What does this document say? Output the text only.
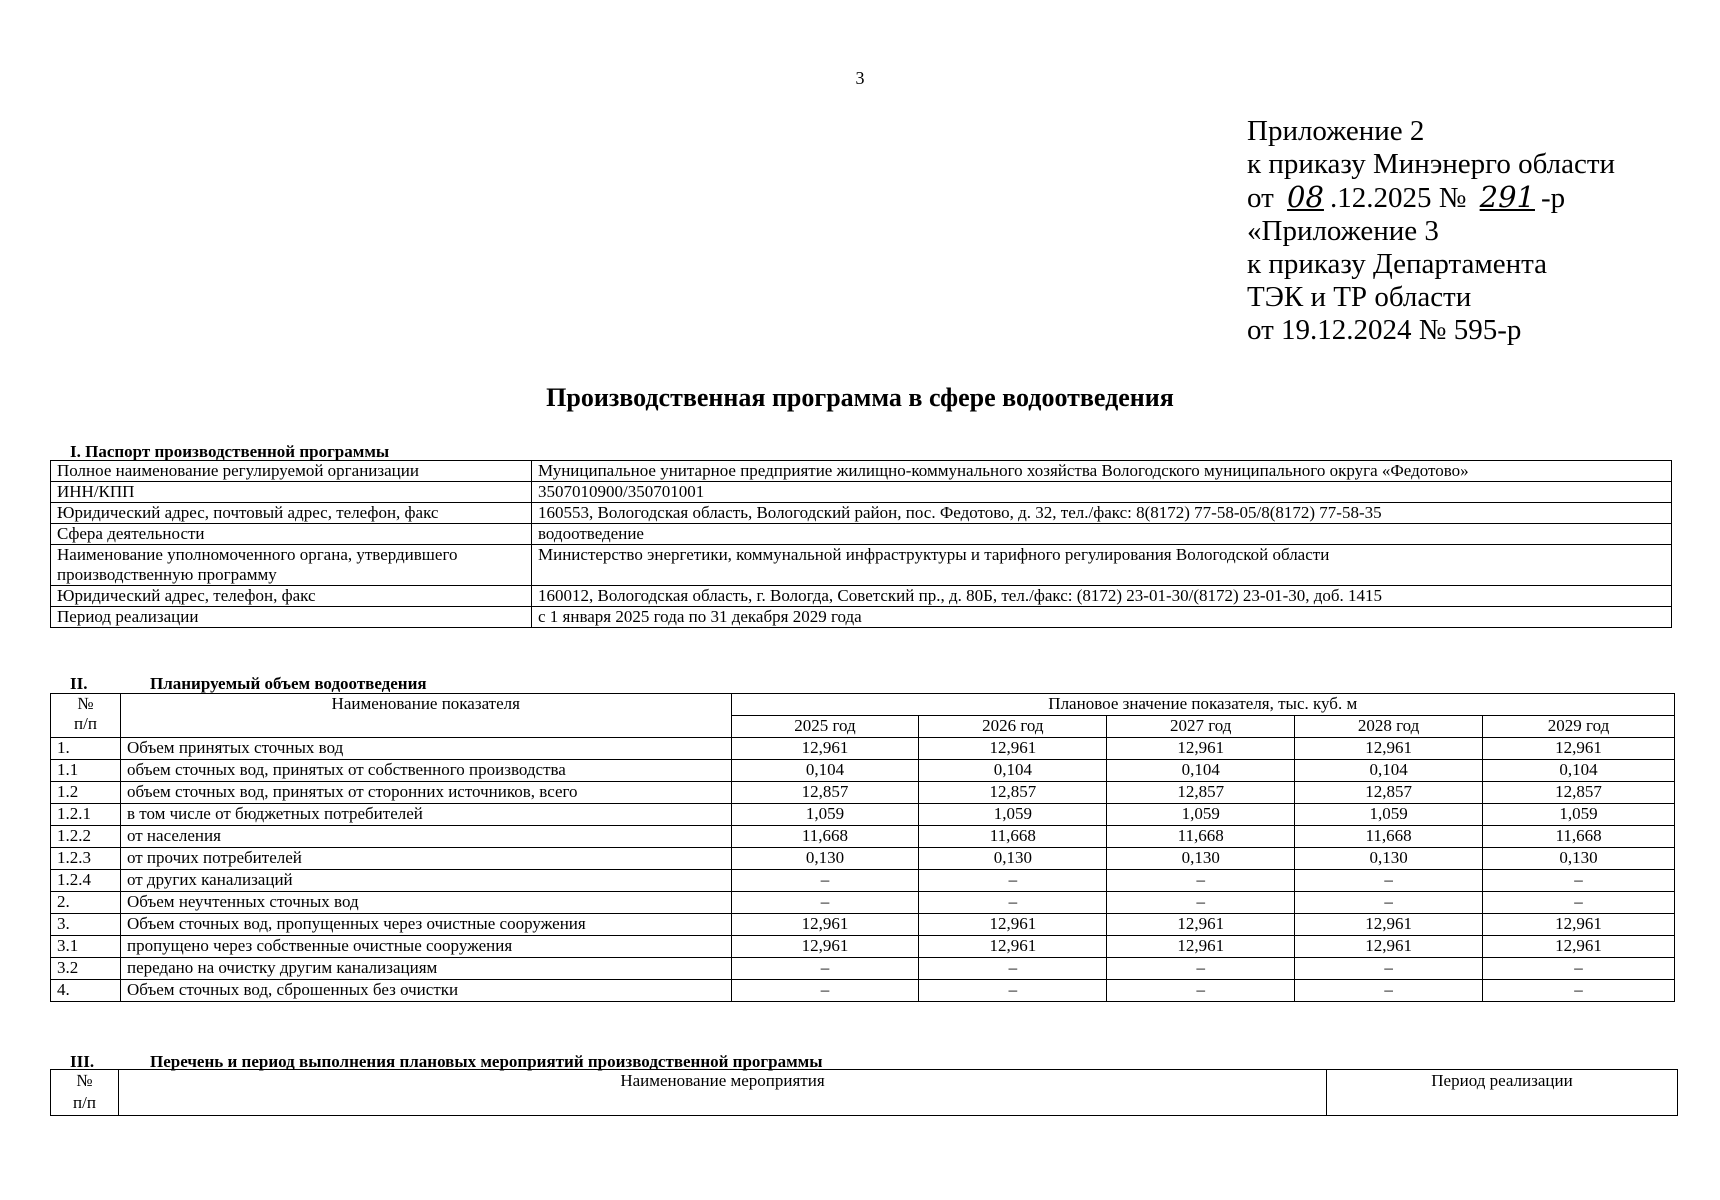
3
Приложение 2
к приказу Минэнерго области
от 08 .12.2025 № 291 -р
«Приложение 3
к приказу Департамента
ТЭК и ТР области
от 19.12.2024 № 595-р
Производственная программа в сфере водоотведения
I. Паспорт производственной программы
Полное наименование регулируемой организации	Муниципальное унитарное предприятие жилищно-коммунального хозяйства Вологодского муниципального округа «Федотово»
ИНН/КПП	3507010900/350701001
Юридический адрес, почтовый адрес, телефон, факс	160553, Вологодская область, Вологодский район, пос. Федотово, д. 32, тел./факс: 8(8172) 77-58-05/8(8172) 77-58-35
Сфера деятельности	водоотведение
Наименование уполномоченного органа, утвердившего производственную программу	Министерство энергетики, коммунальной инфраструктуры и тарифного регулирования Вологодской области
Юридический адрес, телефон, факс	160012, Вологодская область, г. Вологда, Советский пр., д. 80Б, тел./факс: (8172) 23-01-30/(8172) 23-01-30, доб. 1415
Период реализации	с 1 января 2025 года по 31 декабря 2029 года
II.	Планируемый объем водоотведения
№
п/п	Наименование показателя	Плановое значение показателя, тыс. куб. м				
		2025 год	2026 год	2027 год	2028 год	2029 год
1.	Объем принятых сточных вод	12,961	12,961	12,961	12,961	12,961
1.1	объем сточных вод, принятых от собственного производства	0,104	0,104	0,104	0,104	0,104
1.2	объем сточных вод, принятых от сторонних источников, всего	12,857	12,857	12,857	12,857	12,857
1.2.1	в том числе от бюджетных потребителей	1,059	1,059	1,059	1,059	1,059
1.2.2	от населения	11,668	11,668	11,668	11,668	11,668
1.2.3	от прочих потребителей	0,130	0,130	0,130	0,130	0,130
1.2.4	от других канализаций	–	–	–	–	–
2.	Объем неучтенных сточных вод	–	–	–	–	–
3.	Объем сточных вод, пропущенных через очистные сооружения	12,961	12,961	12,961	12,961	12,961
3.1	пропущено через собственные очистные сооружения	12,961	12,961	12,961	12,961	12,961
3.2	передано на очистку другим канализациям	–	–	–	–	–
4.	Объем сточных вод, сброшенных без очистки	–	–	–	–	–
III.	Перечень и период выполнения плановых мероприятий производственной программы
№
п/п	Наименование мероприятия	Период реализации
